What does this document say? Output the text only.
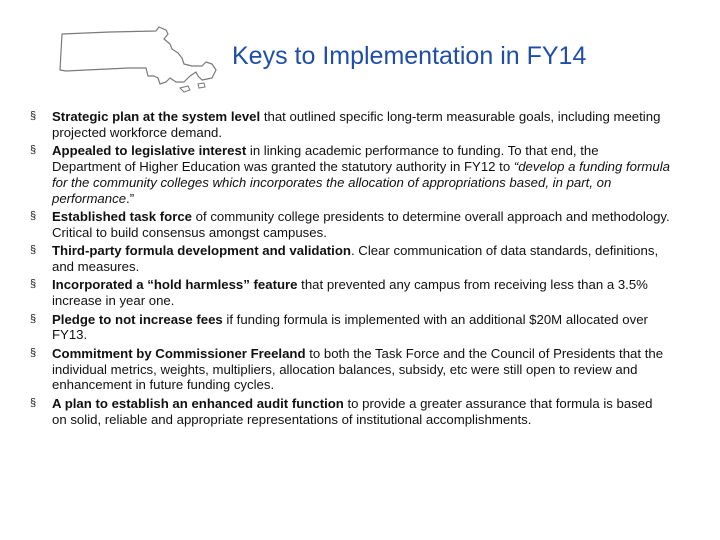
Keys to Implementation in FY14
§ Strategic plan at the system level that outlined specific long-term measurable goals, including meeting projected workforce demand.
§ Appealed to legislative interest in linking academic performance to funding. To that end, the Department of Higher Education was granted the statutory authority in FY12 to “develop a funding formula for the community colleges which incorporates the allocation of appropriations based, in part, on performance.”
§ Established task force of community college presidents to determine overall approach and methodology. Critical to build consensus amongst campuses.
§ Third-party formula development and validation. Clear communication of data standards, definitions, and measures.
§ Incorporated a “hold harmless” feature that prevented any campus from receiving less than a 3.5% increase in year one.
§ Pledge to not increase fees if funding formula is implemented with an additional $20M allocated over FY13.
§ Commitment by Commissioner Freeland to both the Task Force and the Council of Presidents that the individual metrics, weights, multipliers, allocation balances, subsidy, etc were still open to review and enhancement in future funding cycles.
§ A plan to establish an enhanced audit function to provide a greater assurance that formula is based on solid, reliable and appropriate representations of institutional accomplishments.
